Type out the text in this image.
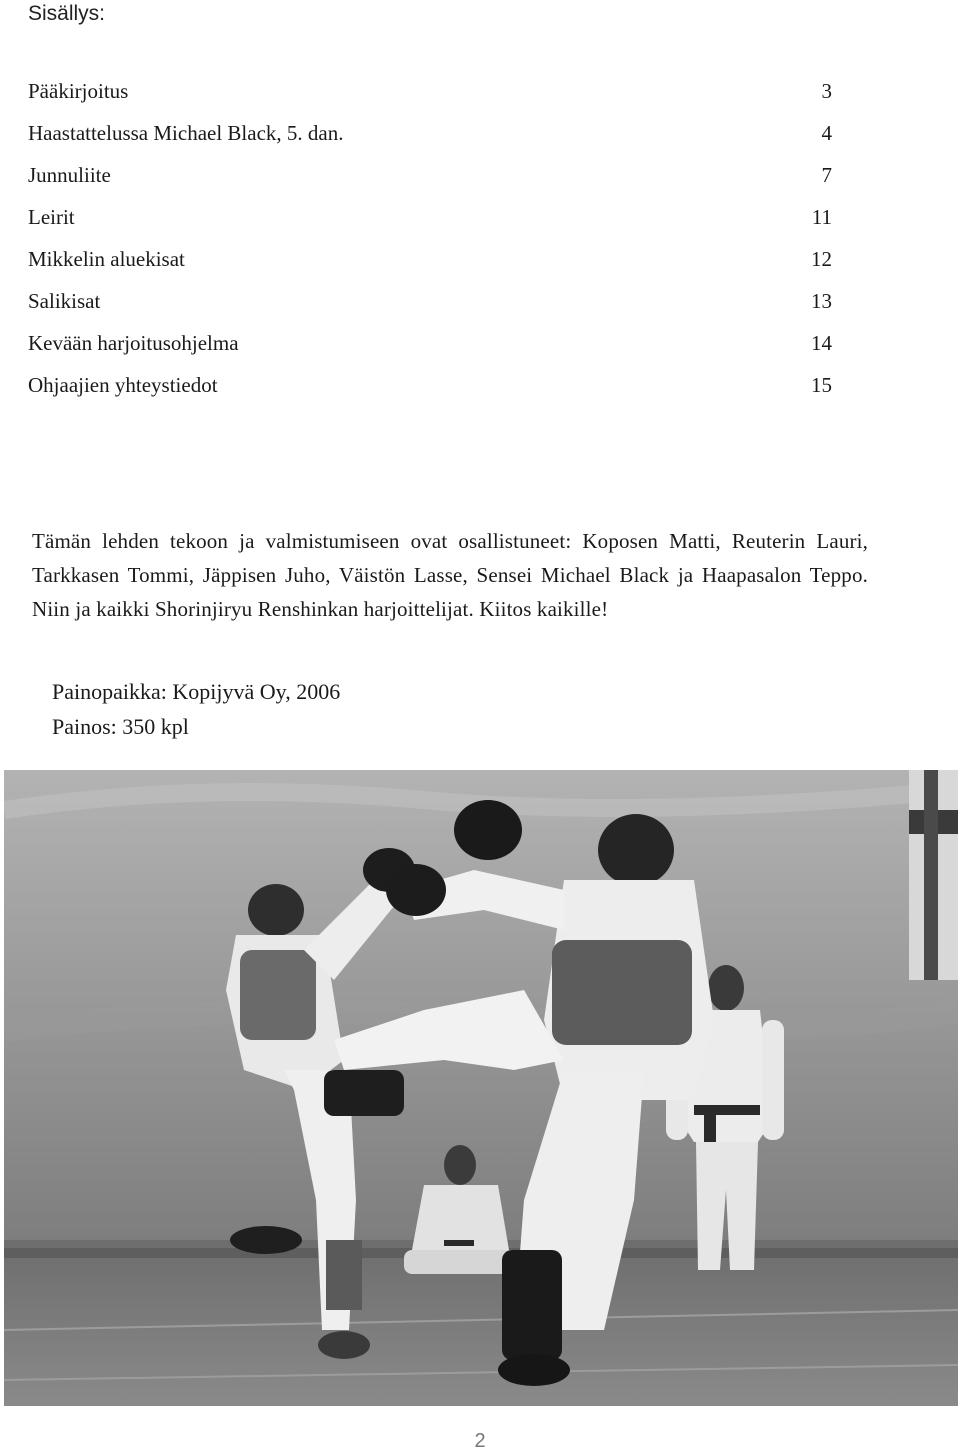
Sisällys:
Pääkirjoitus	3
Haastattelussa Michael Black, 5. dan.	4
Junnuliite	7
Leirit	11
Mikkelin aluekisat	12
Salikisat	13
Kevään harjoitusohjelma	14
Ohjaajien yhteystiedot	15

Tämän lehden tekoon ja valmistumiseen ovat osallistuneet: Koposen Matti, Reuterin Lauri, Tarkkasen Tommi, Jäppisen Juho, Väistön Lasse, Sensei Michael Black ja Haapasalon Teppo. Niin ja kaikki Shorinjiryu Renshinkan harjoittelijat. Kiitos kaikille!

Painopaikka: Kopijyvä Oy, 2006
Painos: 350 kpl
2
